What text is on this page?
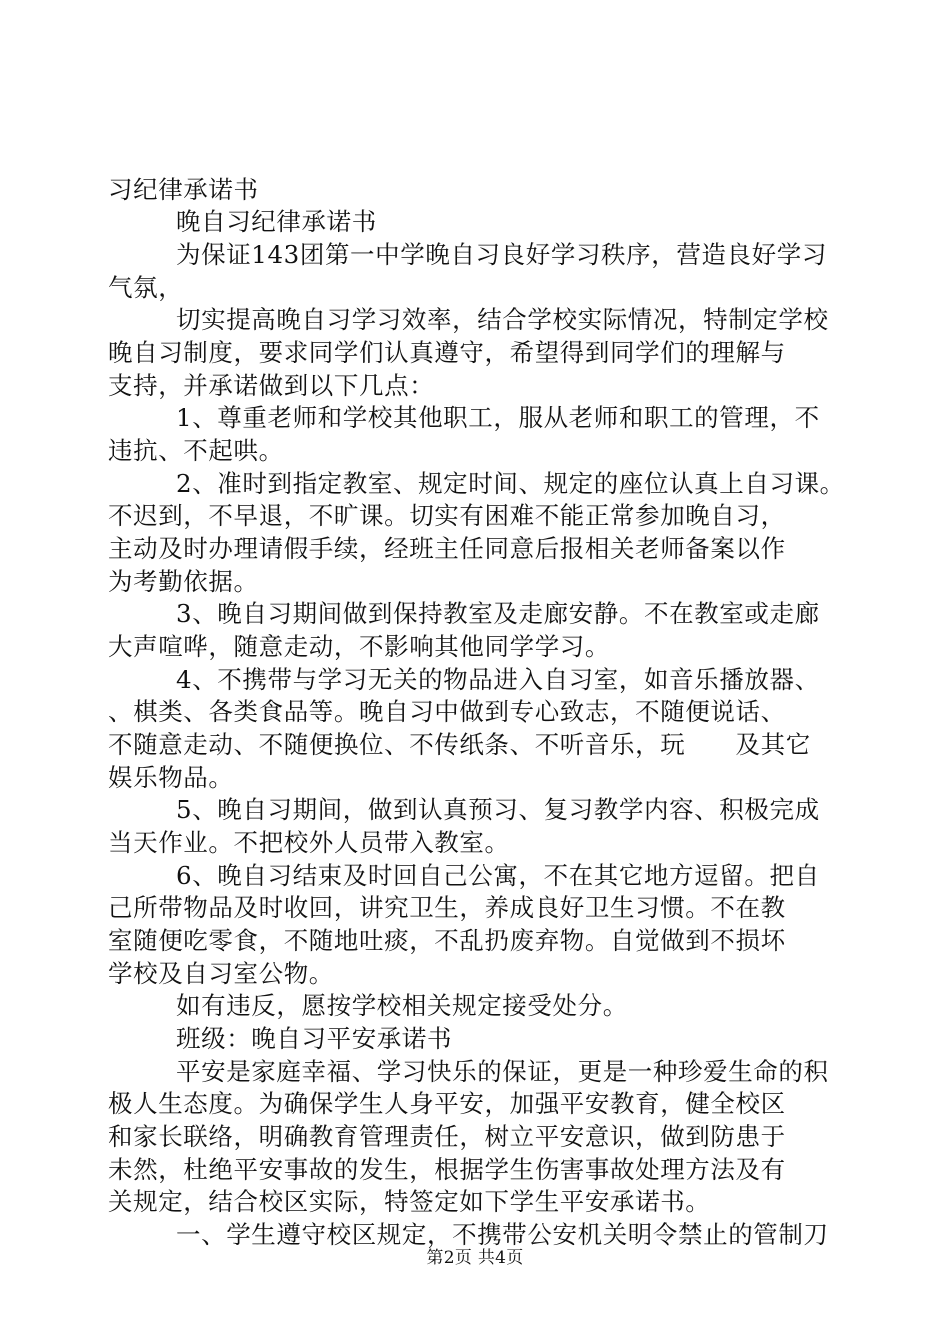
习纪律承诺书
晚自习纪律承诺书
为保证143团第一中学晚自习良好学习秩序，营造良好学习
气氛，
切实提高晚自习学习效率，结合学校实际情况，特制定学校
晚自习制度，要求同学们认真遵守，希望得到同学们的理解与
支持，并承诺做到以下几点：
1、尊重老师和学校其他职工，服从老师和职工的管理，不
违抗、不起哄。
2、准时到指定教室、规定时间、规定的座位认真上自习课。
不迟到，不早退，不旷课。切实有困难不能正常参加晚自习，
主动及时办理请假手续，经班主任同意后报相关老师备案以作
为考勤依据。
3、晚自习期间做到保持教室及走廊安静。不在教室或走廊
大声喧哗，随意走动，不影响其他同学学习。
4、不携带与学习无关的物品进入自习室，如音乐播放器、
、棋类、各类食品等。晚自习中做到专心致志，不随便说话、
不随意走动、不随便换位、不传纸条、不听音乐，玩　　及其它
娱乐物品。
5、晚自习期间，做到认真预习、复习教学内容、积极完成
当天作业。不把校外人员带入教室。
6、晚自习结束及时回自己公寓，不在其它地方逗留。把自
己所带物品及时收回，讲究卫生，养成良好卫生习惯。不在教
室随便吃零食，不随地吐痰，不乱扔废弃物。自觉做到不损坏
学校及自习室公物。
如有违反，愿按学校相关规定接受处分。
班级：晚自习平安承诺书
平安是家庭幸福、学习快乐的保证，更是一种珍爱生命的积
极人生态度。为确保学生人身平安，加强平安教育，健全校区
和家长联络，明确教育管理责任，树立平安意识，做到防患于
未然，杜绝平安事故的发生，根据学生伤害事故处理方法及有
关规定，结合校区实际，特签定如下学生平安承诺书。
一、学生遵守校区规定，不携带公安机关明令禁止的管制刀
第2页 共4页
